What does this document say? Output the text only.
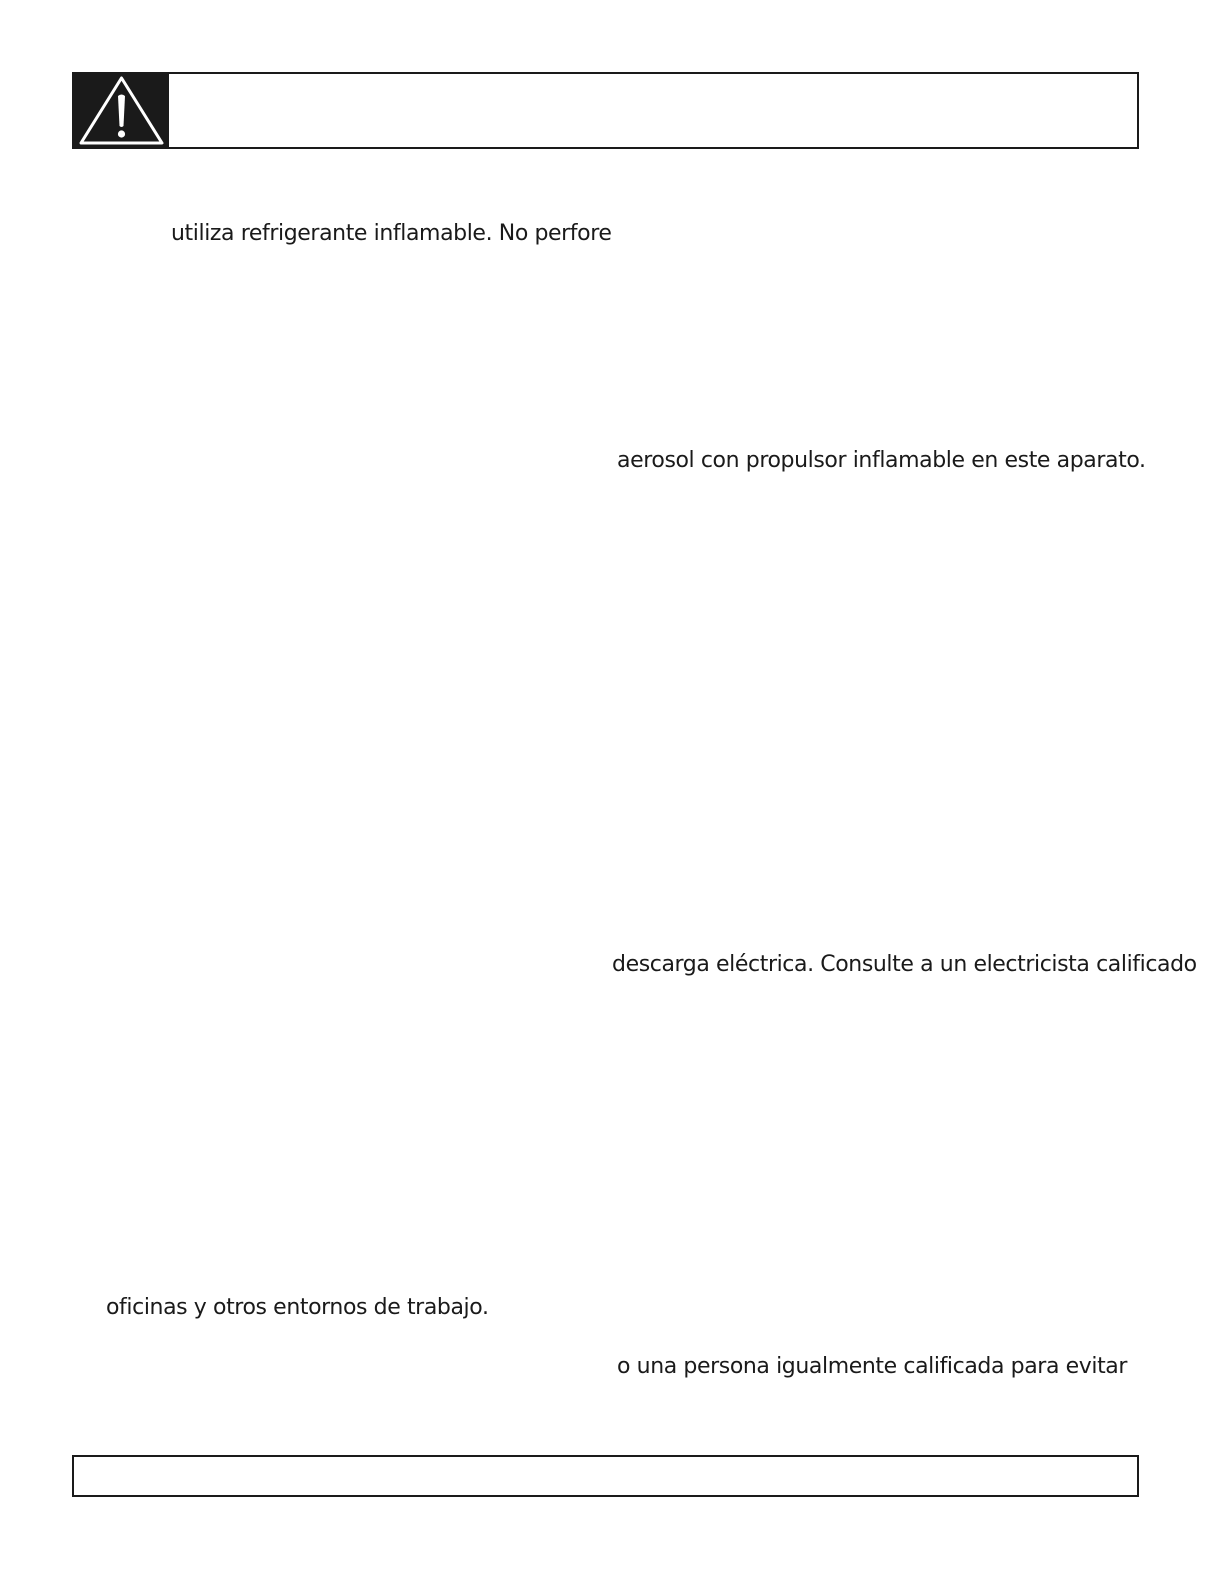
utiliza refrigerante inflamable. No perfore
aerosol con propulsor inflamable en este aparato.
descarga eléctrica. Consulte a un electricista calificado
oficinas y otros entornos de trabajo.
o una persona igualmente calificada para evitar
